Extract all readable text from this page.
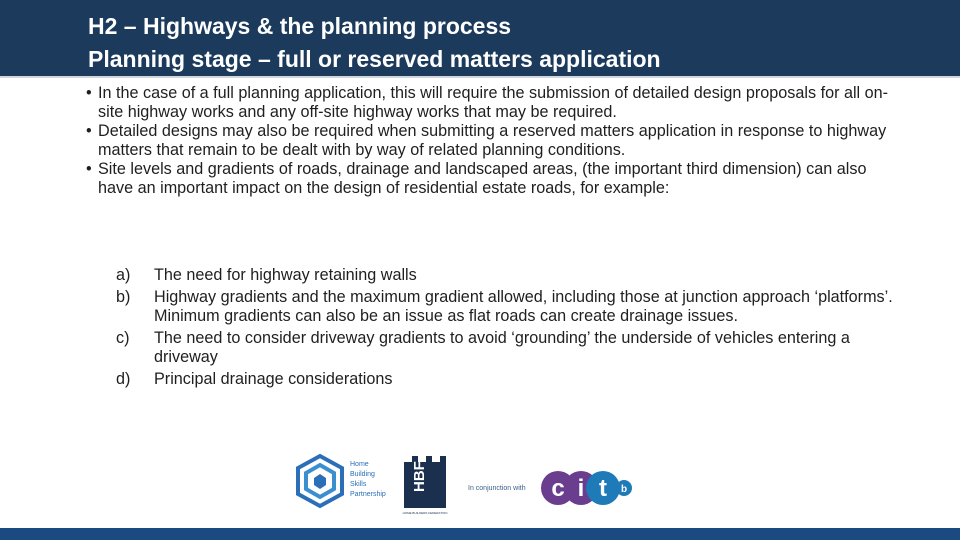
H2 – Highways & the planning process
Planning stage – full or reserved matters application

• In the case of a full planning application, this will require the submission of detailed design proposals for all on-site highway works and any off-site highway works that may be required.

• Detailed designs may also be required when submitting a reserved matters application in response to highway matters that remain to be dealt with by way of related planning conditions.

• Site levels and gradients of roads, drainage and landscaped areas, (the important third dimension) can also have an important impact on the design of residential estate roads, for example:

a) The need for highway retaining walls

b) Highway gradients and the maximum gradient allowed, including those at junction approach ‘platforms’. Minimum gradients can also be an issue as flat roads can create drainage issues.

c) The need to consider driveway gradients to avoid ‘grounding’ the underside of vehicles entering a driveway

d) Principal drainage considerations

Home
Building
Skills
Partnership
HBF
HOME BUILDERS FEDERATION
In conjunction with c i t b
